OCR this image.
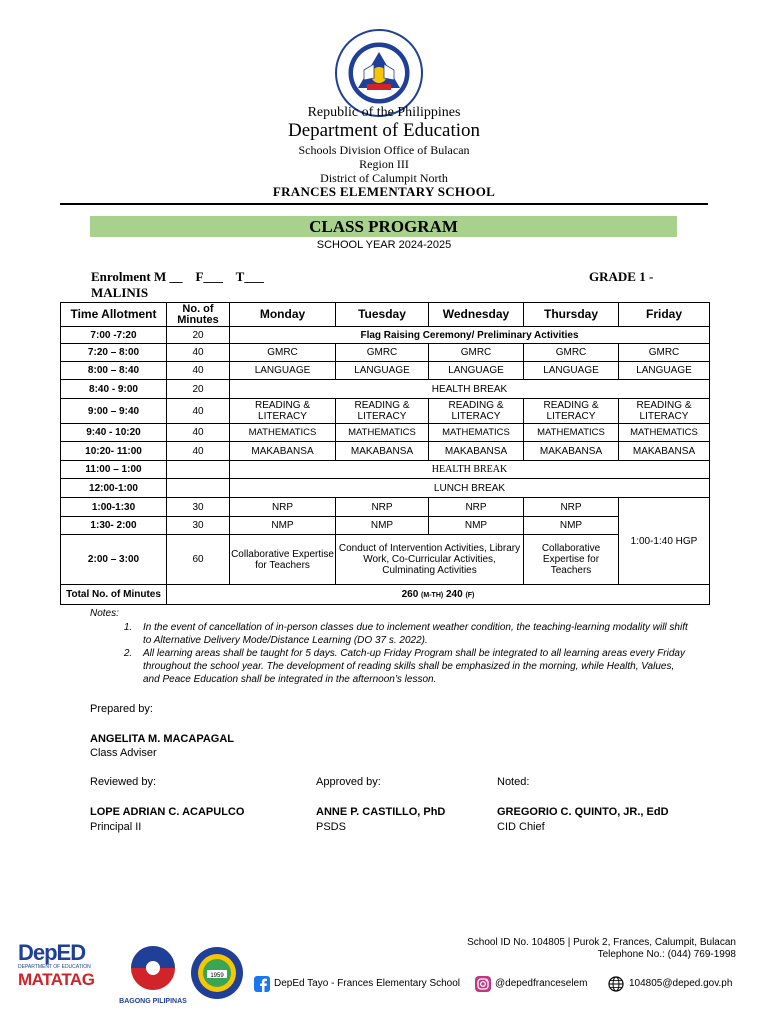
Republic of the Philippines
Department of Education
Schools Division Office of Bulacan
Region III
District of Calumpit North
FRANCES ELEMENTARY SCHOOL
CLASS PROGRAM
SCHOOL YEAR 2024-2025
Enrolment M __    F___    T___	GRADE 1 -
MALINIS
Time Allotment	No. of Minutes	Monday	Tuesday	Wednesday	Thursday	Friday
7:00 -7:20	20	Flag Raising Ceremony/ Preliminary Activities				
7:20 – 8:00	40	GMRC	GMRC	GMRC	GMRC	GMRC
8:00 – 8:40	40	LANGUAGE	LANGUAGE	LANGUAGE	LANGUAGE	LANGUAGE
8:40 - 9:00	20	HEALTH BREAK				
9:00 – 9:40	40	READING & LITERACY	READING & LITERACY	READING & LITERACY	READING & LITERACY	READING & LITERACY
9:40 - 10:20	40	MATHEMATICS	MATHEMATICS	MATHEMATICS	MATHEMATICS	MATHEMATICS
10:20- 11:00	40	MAKABANSA	MAKABANSA	MAKABANSA	MAKABANSA	MAKABANSA
11:00 – 1:00		HEALTH BREAK				
12:00-1:00		LUNCH BREAK				
1:00-1:30	30	NRP	NRP	NRP	NRP	1:00-1:40 HGP
1:30- 2:00	30	NMP	NMP	NMP	NMP	
2:00 – 3:00	60	Collaborative Expertise for Teachers	Conduct of Intervention Activities, Library Work, Co-Curricular Activities, Culminating Activities		Collaborative Expertise for Teachers	
Total No. of Minutes	260 (M-TH) 240 (F)					
Notes:
1. In the event of cancellation of in-person classes due to inclement weather condition, the teaching-learning modality will shift to Alternative Delivery Mode/Distance Learning (DO 37 s. 2022).
2. All learning areas shall be taught for 5 days. Catch-up Friday Program shall be integrated to all learning areas every Friday throughout the school year. The development of reading skills shall be emphasized in the morning, while Health, Values, and Peace Education shall be integrated in the afternoon’s lesson.
Prepared by:
ANGELITA M. MACAPAGAL
Class Adviser
Reviewed by:
LOPE ADRIAN C. ACAPULCO
Principal II
Approved by:
ANNE P. CASTILLO, PhD
PSDS
Noted:
GREGORIO C. QUINTO, JR., EdD
CID Chief
DepED
DEPARTMENT OF EDUCATION
MATATAG
BAGONG PILIPINAS
1959
School ID No. 104805 | Purok 2, Frances, Calumpit, Bulacan
Telephone No.: (044) 769-1998
DepEd Tayo - Frances Elementary School	@depedfranceselem	104805@deped.gov.ph
